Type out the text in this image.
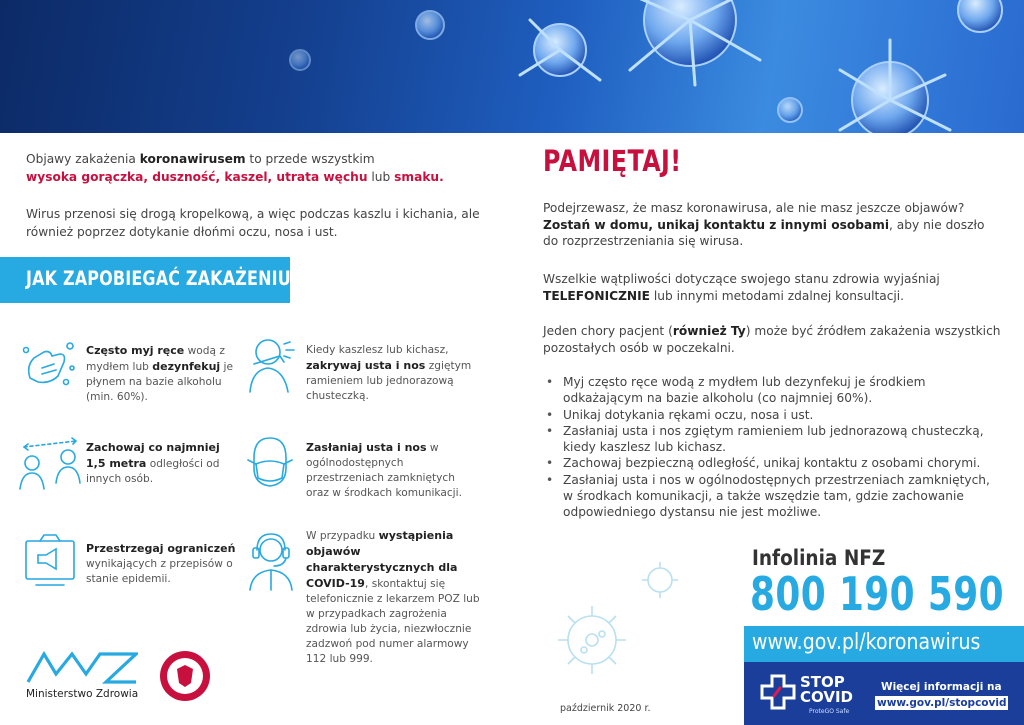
Objawy zakażenia koronawirusem to przede wszystkim
wysoka gorączka, duszność, kaszel, utrata węchu lub smaku.
Wirus przenosi się drogą kropelkową, a więc podczas kaszlu i kichania, ale również poprzez dotykanie dłońmi oczu, nosa i ust.
JAK ZAPOBIEGAĆ ZAKAŻENIU?
Często myj ręce wodą z mydłem lub dezynfekuj je płynem na bazie alkoholu (min. 60%).
Kiedy kaszlesz lub kichasz, zakrywaj usta i nos zgiętym ramieniem lub jednorazową chusteczką.
Zachowaj co najmniej 1,5 metra odległości od innych osób.
Zasłaniaj usta i nos w ogólnodostępnych przestrzeniach zamkniętych oraz w środkach komunikacji.
Przestrzegaj ograniczeń wynikających z przepisów o stanie epidemii.
W przypadku wystąpienia objawów charakterystycznych dla COVID-19, skontaktuj się telefonicznie z lekarzem POZ lub w przypadkach zagrożenia zdrowia lub życia, niezwłocznie zadzwoń pod numer alarmowy 112 lub 999.
Ministerstwo Zdrowia
PAMIĘTAJ!
Podejrzewasz, że masz koronawirusa, ale nie masz jeszcze objawów?
Zostań w domu, unikaj kontaktu z innymi osobami, aby nie doszło do rozprzestrzeniania się wirusa.
Wszelkie wątpliwości dotyczące swojego stanu zdrowia wyjaśniaj
TELEFONICZNIE lub innymi metodami zdalnej konsultacji.
Jeden chory pacjent (również Ty) może być źródłem zakażenia wszystkich pozostałych osób w poczekalni.
• Myj często ręce wodą z mydłem lub dezynfekuj je środkiem odkażającym na bazie alkoholu (co najmniej 60%).
• Unikaj dotykania rękami oczu, nosa i ust.
• Zasłaniaj usta i nos zgiętym ramieniem lub jednorazową chusteczką, kiedy kaszlesz lub kichasz.
• Zachowaj bezpieczną odległość, unikaj kontaktu z osobami chorymi.
• Zasłaniaj usta i nos w ogólnodostępnych przestrzeniach zamkniętych, w środkach komunikacji, a także wszędzie tam, gdzie zachowanie odpowiedniego dystansu nie jest możliwe.
Infolinia NFZ
800 190 590
www.gov.pl/koronawirus
STOP COVID
ProteGO Safe
Więcej informacji na
www.gov.pl/stopcovid
październik 2020 r.
